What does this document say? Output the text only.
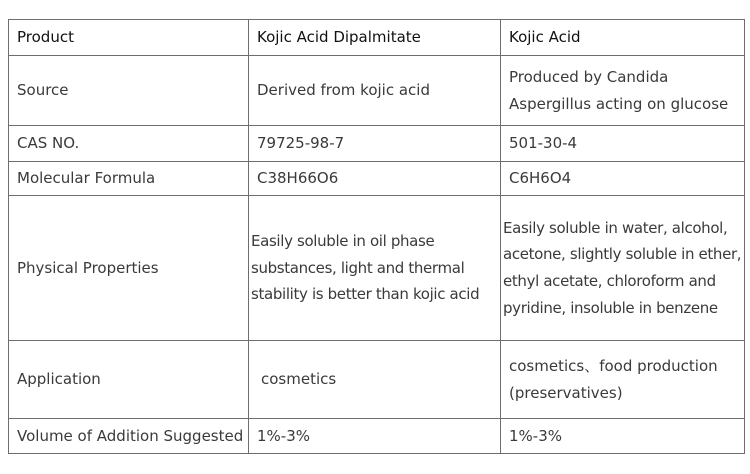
Product	Kojic Acid Dipalmitate	Kojic Acid
Source	Derived from kojic acid	Produced by Candida Aspergillus acting on glucose
CAS NO.	79725-98-7	501-30-4
Molecular Formula	C38H66O6	C6H6O4
Physical Properties	Easily soluble in oil phase substances, light and thermal stability is better than kojic acid	Easily soluble in water, alcohol, acetone, slightly soluble in ether, ethyl acetate, chloroform and pyridine, insoluble in benzene
Application	cosmetics	cosmetics、food production (preservatives)
Volume of Addition Suggested	1%-3%	1%-3%
